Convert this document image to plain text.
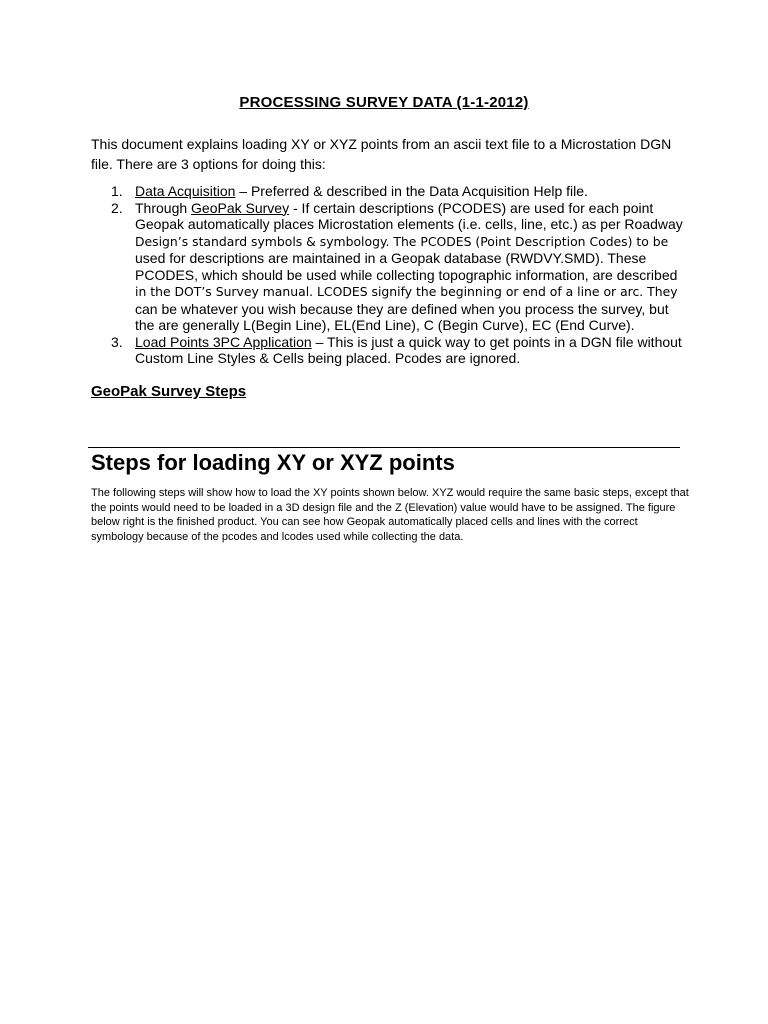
PROCESSING SURVEY DATA (1-1-2012)
This document explains loading XY or XYZ points from an ascii text file to a Microstation DGN file. There are 3 options for doing this:
1. Data Acquisition – Preferred & described in the Data Acquisition Help file.
2. Through GeoPak Survey - If certain descriptions (PCODES) are used for each point Geopak automatically places Microstation elements (i.e. cells, line, etc.) as per Roadway Design’s standard symbols & symbology. The PCODES (Point Description Codes) to be used for descriptions are maintained in a Geopak database (RWDVY.SMD). These PCODES, which should be used while collecting topographic information, are described in the DOT’s Survey manual. LCODES signify the beginning or end of a line or arc. They can be whatever you wish because they are defined when you process the survey, but the are generally L(Begin Line), EL(End Line), C (Begin Curve), EC (End Curve).
3. Load Points 3PC Application – This is just a quick way to get points in a DGN file without Custom Line Styles & Cells being placed. Pcodes are ignored.
GeoPak Survey Steps
Steps for loading XY or XYZ points
The following steps will show how to load the XY points shown below. XYZ would require the same basic steps, except that the points would need to be loaded in a 3D design file and the Z (Elevation) value would have to be assigned. The figure below right is the finished product. You can see how Geopak automatically placed cells and lines with the correct symbology because of the pcodes and lcodes used while collecting the data.
